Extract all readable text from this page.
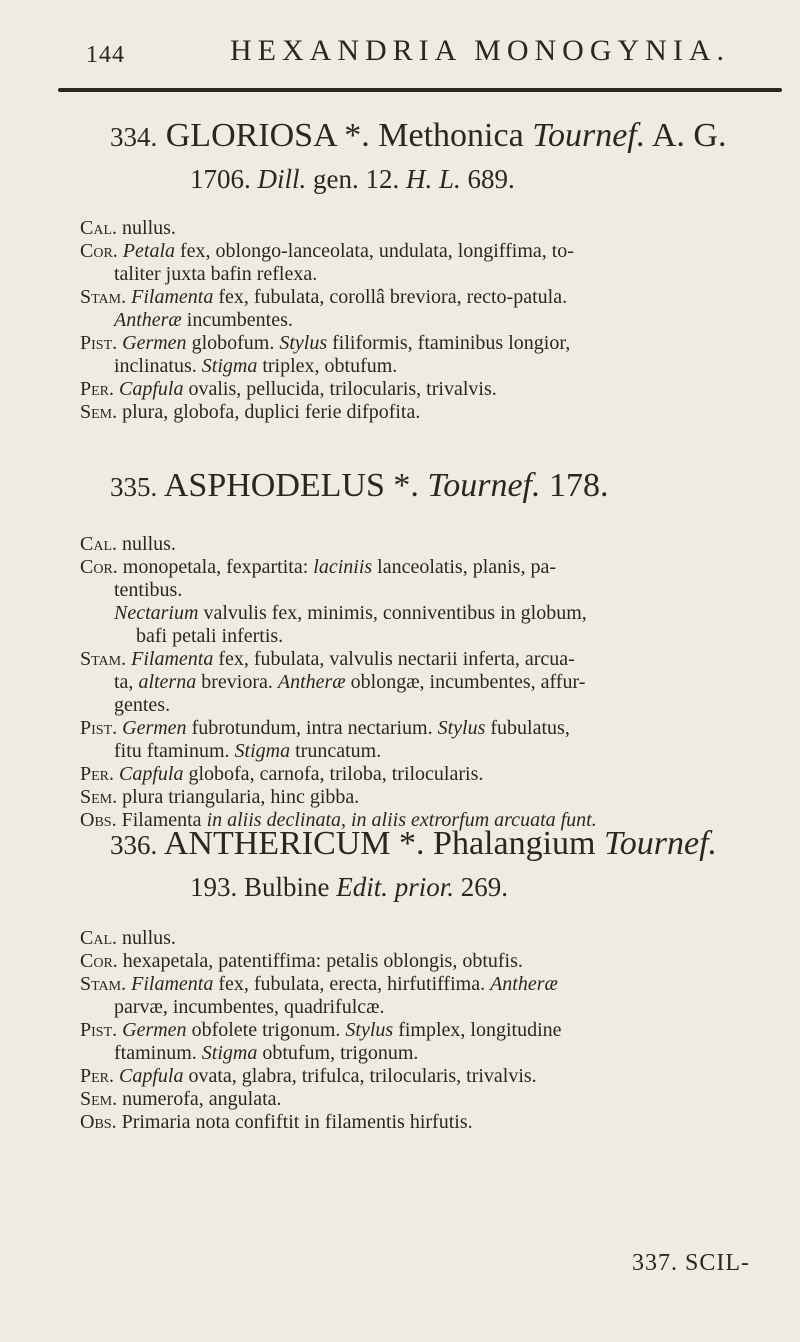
144	HEXANDRIA MONOGYNIA.
334. GLORIOSA *. Methonica Tournef. A. G.
1706. Dill. gen. 12. H. L. 689.
Cal. nullus.
Cor. Petala fex, oblongo-lanceolata, undulata, longiffima, to-
taliter juxta bafin reflexa.
Stam. Filamenta fex, fubulata, corollâ breviora, recto-patula.
Antheræ incumbentes.
Pist. Germen globofum. Stylus filiformis, ftaminibus longior,
inclinatus. Stigma triplex, obtufum.
Per. Capfula ovalis, pellucida, trilocularis, trivalvis.
Sem. plura, globofa, duplici ferie difpofita.
335. ASPHODELUS *. Tournef. 178.
Cal. nullus.
Cor. monopetala, fexpartita: laciniis lanceolatis, planis, pa-
tentibus.
Nectarium valvulis fex, minimis, conniventibus in globum,
bafi petali infertis.
Stam. Filamenta fex, fubulata, valvulis nectarii inferta, arcua-
ta, alterna breviora. Antheræ oblongæ, incumbentes, affur-
gentes.
Pist. Germen fubrotundum, intra nectarium. Stylus fubulatus,
fitu ftaminum. Stigma truncatum.
Per. Capfula globofa, carnofa, triloba, trilocularis.
Sem. plura triangularia, hinc gibba.
Obs. Filamenta in aliis declinata, in aliis extrorfum arcuata funt.
336. ANTHERICUM *. Phalangium Tournef.
193. Bulbine Edit. prior. 269.
Cal. nullus.
Cor. hexapetala, patentiffima: petalis oblongis, obtufis.
Stam. Filamenta fex, fubulata, erecta, hirfutiffima. Antheræ
parvæ, incumbentes, quadrifulcæ.
Pist. Germen obfolete trigonum. Stylus fimplex, longitudine
ftaminum. Stigma obtufum, trigonum.
Per. Capfula ovata, glabra, trifulca, trilocularis, trivalvis.
Sem. numerofa, angulata.
Obs. Primaria nota confiftit in filamentis hirfutis.
337. SCIL-
